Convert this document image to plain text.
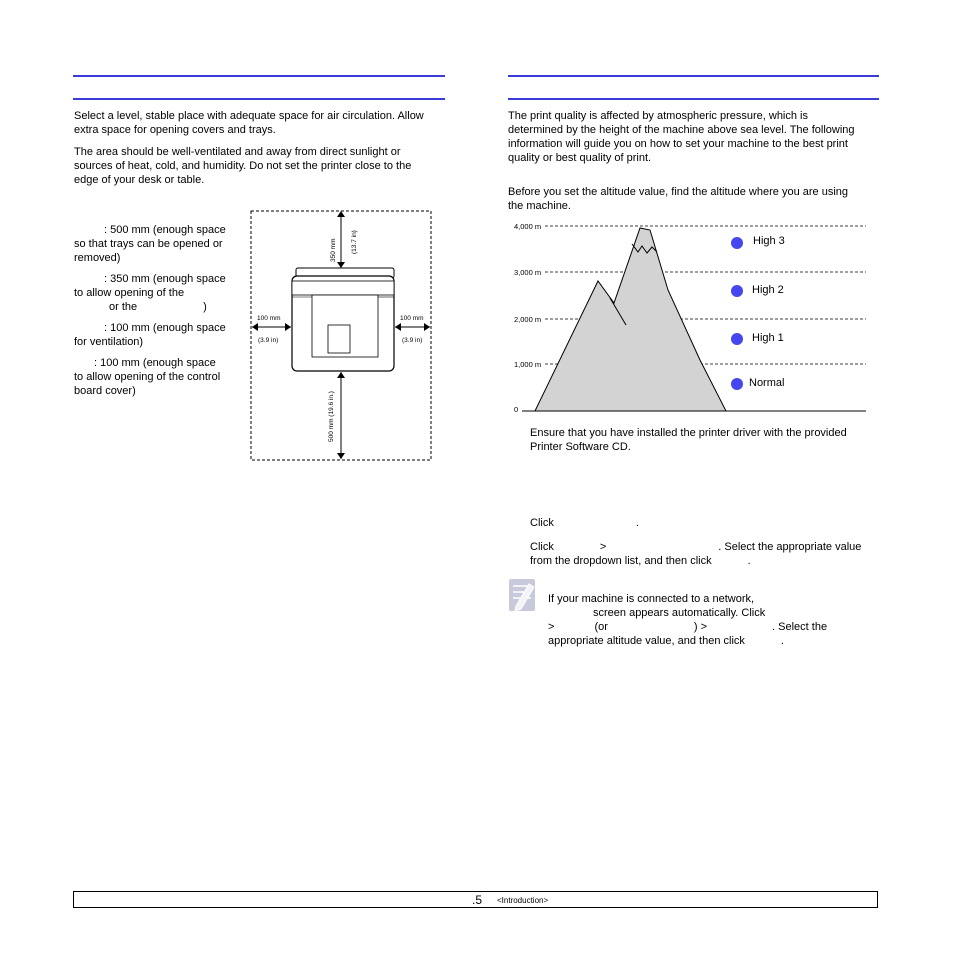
Select a level, stable place with adequate space for air circulation. Allow
extra space for opening covers and trays.
The area should be well-ventilated and away from direct sunlight or
sources of heat, cold, and humidity. Do not set the printer close to the
edge of your desk or table.
: 500 mm (enough space
so that trays can be opened or
removed)
: 350 mm (enough space
to allow opening of the
or the	)
: 100 mm (enough space
for ventilation)
: 100 mm (enough space
to allow opening of the control
board cover)
350 mm (13.7 in)
100 mm
(3.9 in)
100 mm
(3.9 in)
500 mm (19.6 in.)
The print quality is affected by atmospheric pressure, which is
determined by the height of the machine above sea level. The following
information will guide you on how to set your machine to the best print
quality or best quality of print.
Before you set the altitude value, find the altitude where you are using
the machine.
4,000 m
3,000 m
2,000 m
1,000 m
0
High 3
High 2
High 1
Normal
Ensure that you have installed the printer driver with the provided
Printer Software CD.
Click	.
Click	>	. Select the appropriate value
from the dropdown list, and then click	.
If your machine is connected to a network,
screen appears automatically. Click
>	(or	) >	. Select the
appropriate altitude value, and then click	.
.5 <Introduction>
